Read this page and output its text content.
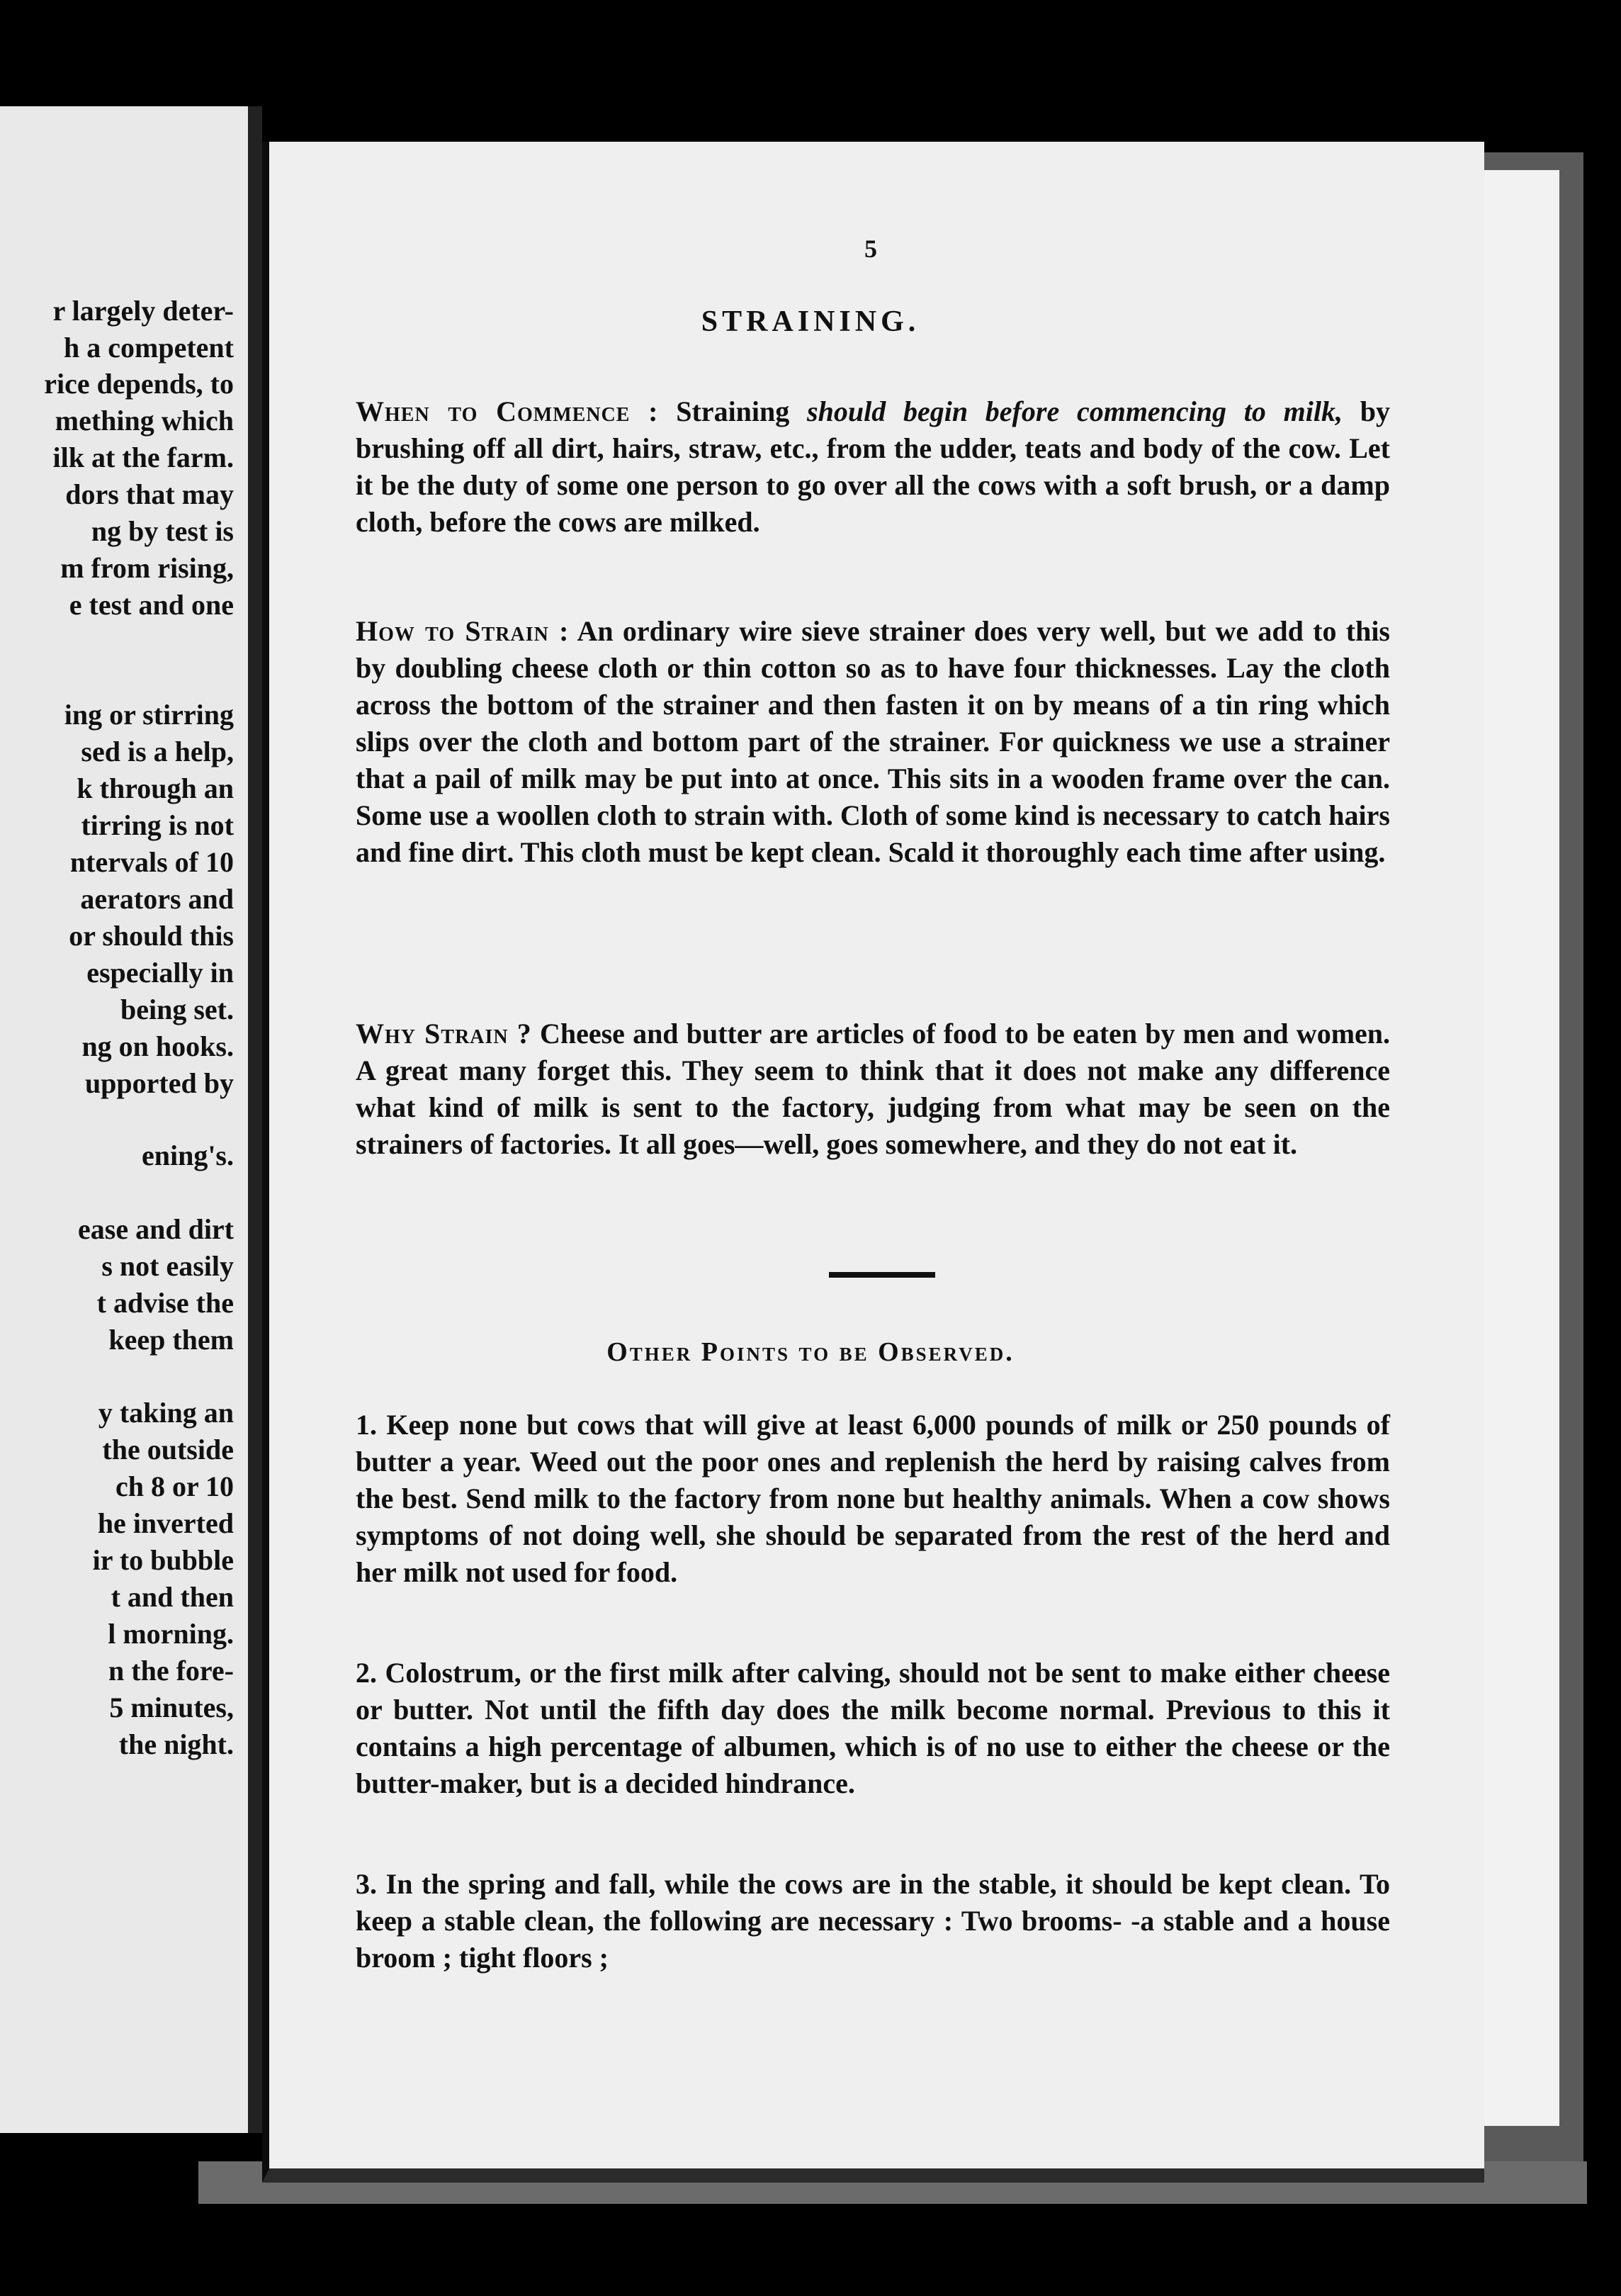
r largely deter-
h a competent
rice depends, to
mething which
ilk at the farm.
dors that may
ng by test is
m from rising,
e test and one
ing or stirring
sed is a help,
k through an
tirring is not
ntervals of 10
aerators and
or should this
especially in
being set.
ng on hooks.
upported by
ening's.
ease and dirt
s not easily
t advise the
keep them
y taking an
the outside
ch 8 or 10
he inverted
ir to bubble
t and then
l morning.
n the fore-
5 minutes,
the night.
5
STRAINING.

When to Commence : Straining should begin before commencing to milk, by brushing off all dirt, hairs, straw, etc., from the udder, teats and body of the cow. Let it be the duty of some one person to go over all the cows with a soft brush, or a damp cloth, before the cows are milked.

How to Strain : An ordinary wire sieve strainer does very well, but we add to this by doubling cheese cloth or thin cotton so as to have four thicknesses. Lay the cloth across the bottom of the strainer and then fasten it on by means of a tin ring which slips over the cloth and bottom part of the strainer. For quickness we use a strainer that a pail of milk may be put into at once. This sits in a wooden frame over the can. Some use a woollen cloth to strain with. Cloth of some kind is necessary to catch hairs and fine dirt. This cloth must be kept clean. Scald it thoroughly each time after using.

Why Strain ? Cheese and butter are articles of food to be eaten by men and women. A great many forget this. They seem to think that it does not make any difference what kind of milk is sent to the factory, judging from what may be seen on the strainers of factories. It all goes—well, goes somewhere, and they do not eat it.

Other Points to be Observed.

1. Keep none but cows that will give at least 6,000 pounds of milk or 250 pounds of butter a year. Weed out the poor ones and replenish the herd by raising calves from the best. Send milk to the factory from none but healthy animals. When a cow shows symptoms of not doing well, she should be separated from the rest of the herd and her milk not used for food.

2. Colostrum, or the first milk after calving, should not be sent to make either cheese or butter. Not until the fifth day does the milk become normal. Previous to this it contains a high percentage of albumen, which is of no use to either the cheese or the butter-maker, but is a decided hindrance.

3. In the spring and fall, while the cows are in the stable, it should be kept clean. To keep a stable clean, the following are necessary : Two brooms- -a stable and a house broom ; tight floors ;
